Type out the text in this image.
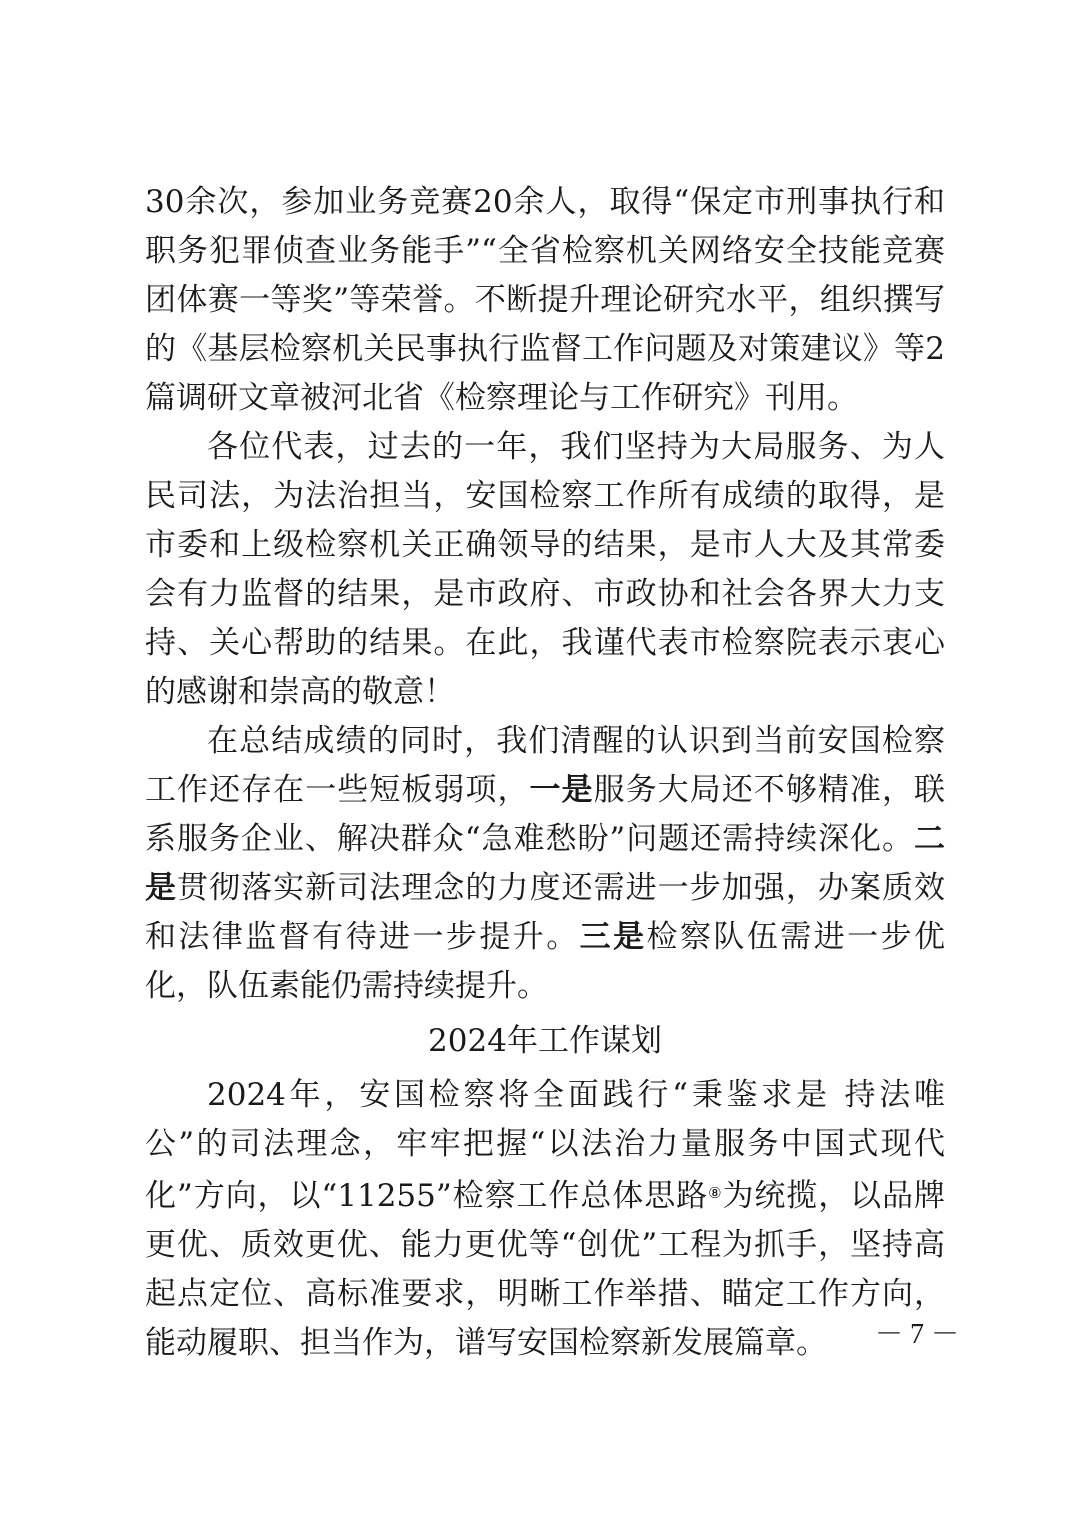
30余次，参加业务竞赛20余人，取得“保定市刑事执行和职务犯罪侦查业务能手”“全省检察机关网络安全技能竞赛团体赛一等奖”等荣誉。不断提升理论研究水平，组织撰写的《基层检察机关民事执行监督工作问题及对策建议》等2篇调研文章被河北省《检察理论与工作研究》刊用。

各位代表，过去的一年，我们坚持为大局服务、为人民司法，为法治担当，安国检察工作所有成绩的取得，是市委和上级检察机关正确领导的结果，是市人大及其常委会有力监督的结果，是市政府、市政协和社会各界大力支持、关心帮助的结果。在此，我谨代表市检察院表示衷心的感谢和崇高的敬意！

在总结成绩的同时，我们清醒的认识到当前安国检察工作还存在一些短板弱项，一是服务大局还不够精准，联系服务企业、解决群众“急难愁盼”问题还需持续深化。二是贯彻落实新司法理念的力度还需进一步加强，办案质效和法律监督有待进一步提升。三是检察队伍需进一步优化，队伍素能仍需持续提升。

2024年工作谋划

2024年，安国检察将全面践行“秉鉴求是 持法唯公”的司法理念，牢牢把握“以法治力量服务中国式现代化”方向，以“11255”检察工作总体思路⑧为统揽，以品牌更优、质效更优、能力更优等“创优”工程为抓手，坚持高起点定位、高标准要求，明晰工作举措、瞄定工作方向，能动履职、担当作为，谱写安国检察新发展篇章。	－ 7 －
